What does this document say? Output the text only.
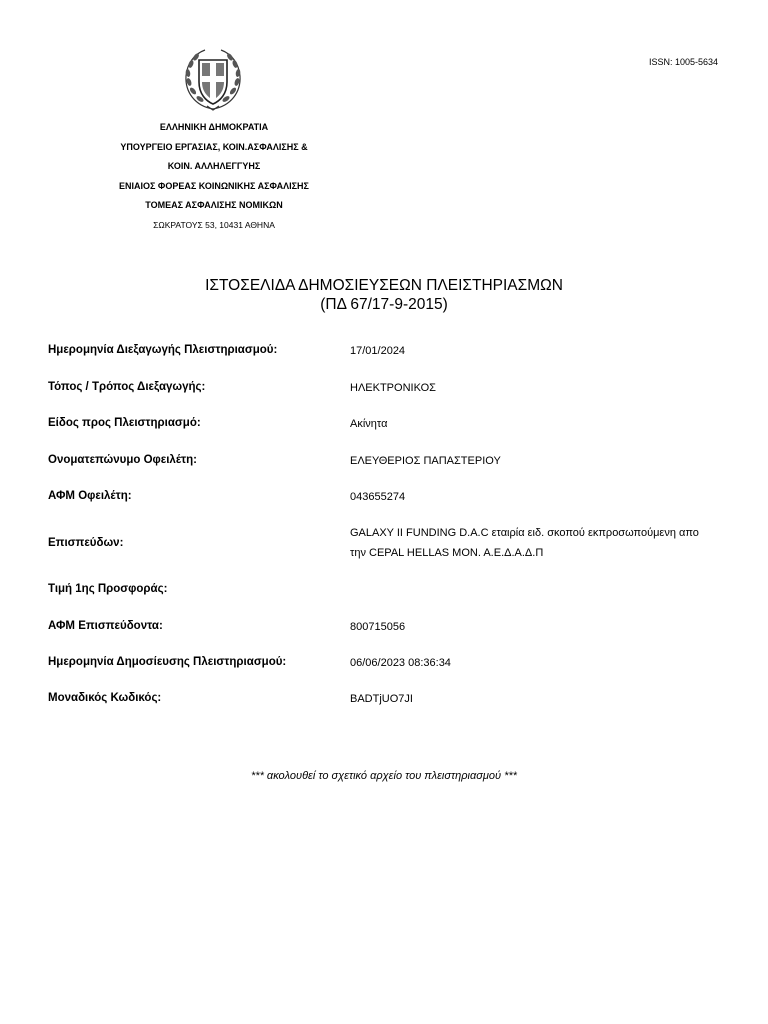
ISSN: 1005-5634
ΕΛΛΗΝΙΚΗ ΔΗΜΟΚΡΑΤΙΑ
ΥΠΟΥΡΓΕΙΟ ΕΡΓΑΣΙΑΣ, ΚΟΙΝ.ΑΣΦΑΛΙΣΗΣ &
ΚΟΙΝ. ΑΛΛΗΛΕΓΓΥΗΣ
ΕΝΙΑΙΟΣ ΦΟΡΕΑΣ ΚΟΙΝΩΝΙΚΗΣ ΑΣΦΑΛΙΣΗΣ
ΤΟΜΕΑΣ ΑΣΦΑΛΙΣΗΣ ΝΟΜΙΚΩΝ
ΣΩΚΡΑΤΟΥΣ 53, 10431 ΑΘΗΝΑ
ΙΣΤΟΣΕΛΙΔΑ ΔΗΜΟΣΙΕΥΣΕΩΝ ΠΛΕΙΣΤΗΡΙΑΣΜΩΝ
(ΠΔ 67/17-9-2015)
Ημερομηνία Διεξαγωγής Πλειστηριασμού:	17/01/2024
Τόπος / Τρόπος Διεξαγωγής:	ΗΛΕΚΤΡΟΝΙΚΟΣ
Είδος προς Πλειστηριασμό:	Ακίνητα
Ονοματεπώνυμο Οφειλέτη:	ΕΛΕΥΘΕΡΙΟΣ ΠΑΠΑΣΤΕΡΙΟΥ
ΑΦΜ Οφειλέτη:	043655274
Επισπεύδων:
GALAXY II FUNDING D.A.C εταιρία ειδ. σκοπού εκπροσωπούμενη απο
την CEPAL HELLAS ΜΟΝ. Α.Ε.Δ.Α.Δ.Π
Τιμή 1ης Προσφοράς:
ΑΦΜ Επισπεύδοντα:	800715056
Ημερομηνία Δημοσίευσης Πλειστηριασμού:	06/06/2023 08:36:34
Μοναδικός Κωδικός:	ΒADTjUO7JI
*** ακολουθεί το σχετικό αρχείο του πλειστηριασμού ***
